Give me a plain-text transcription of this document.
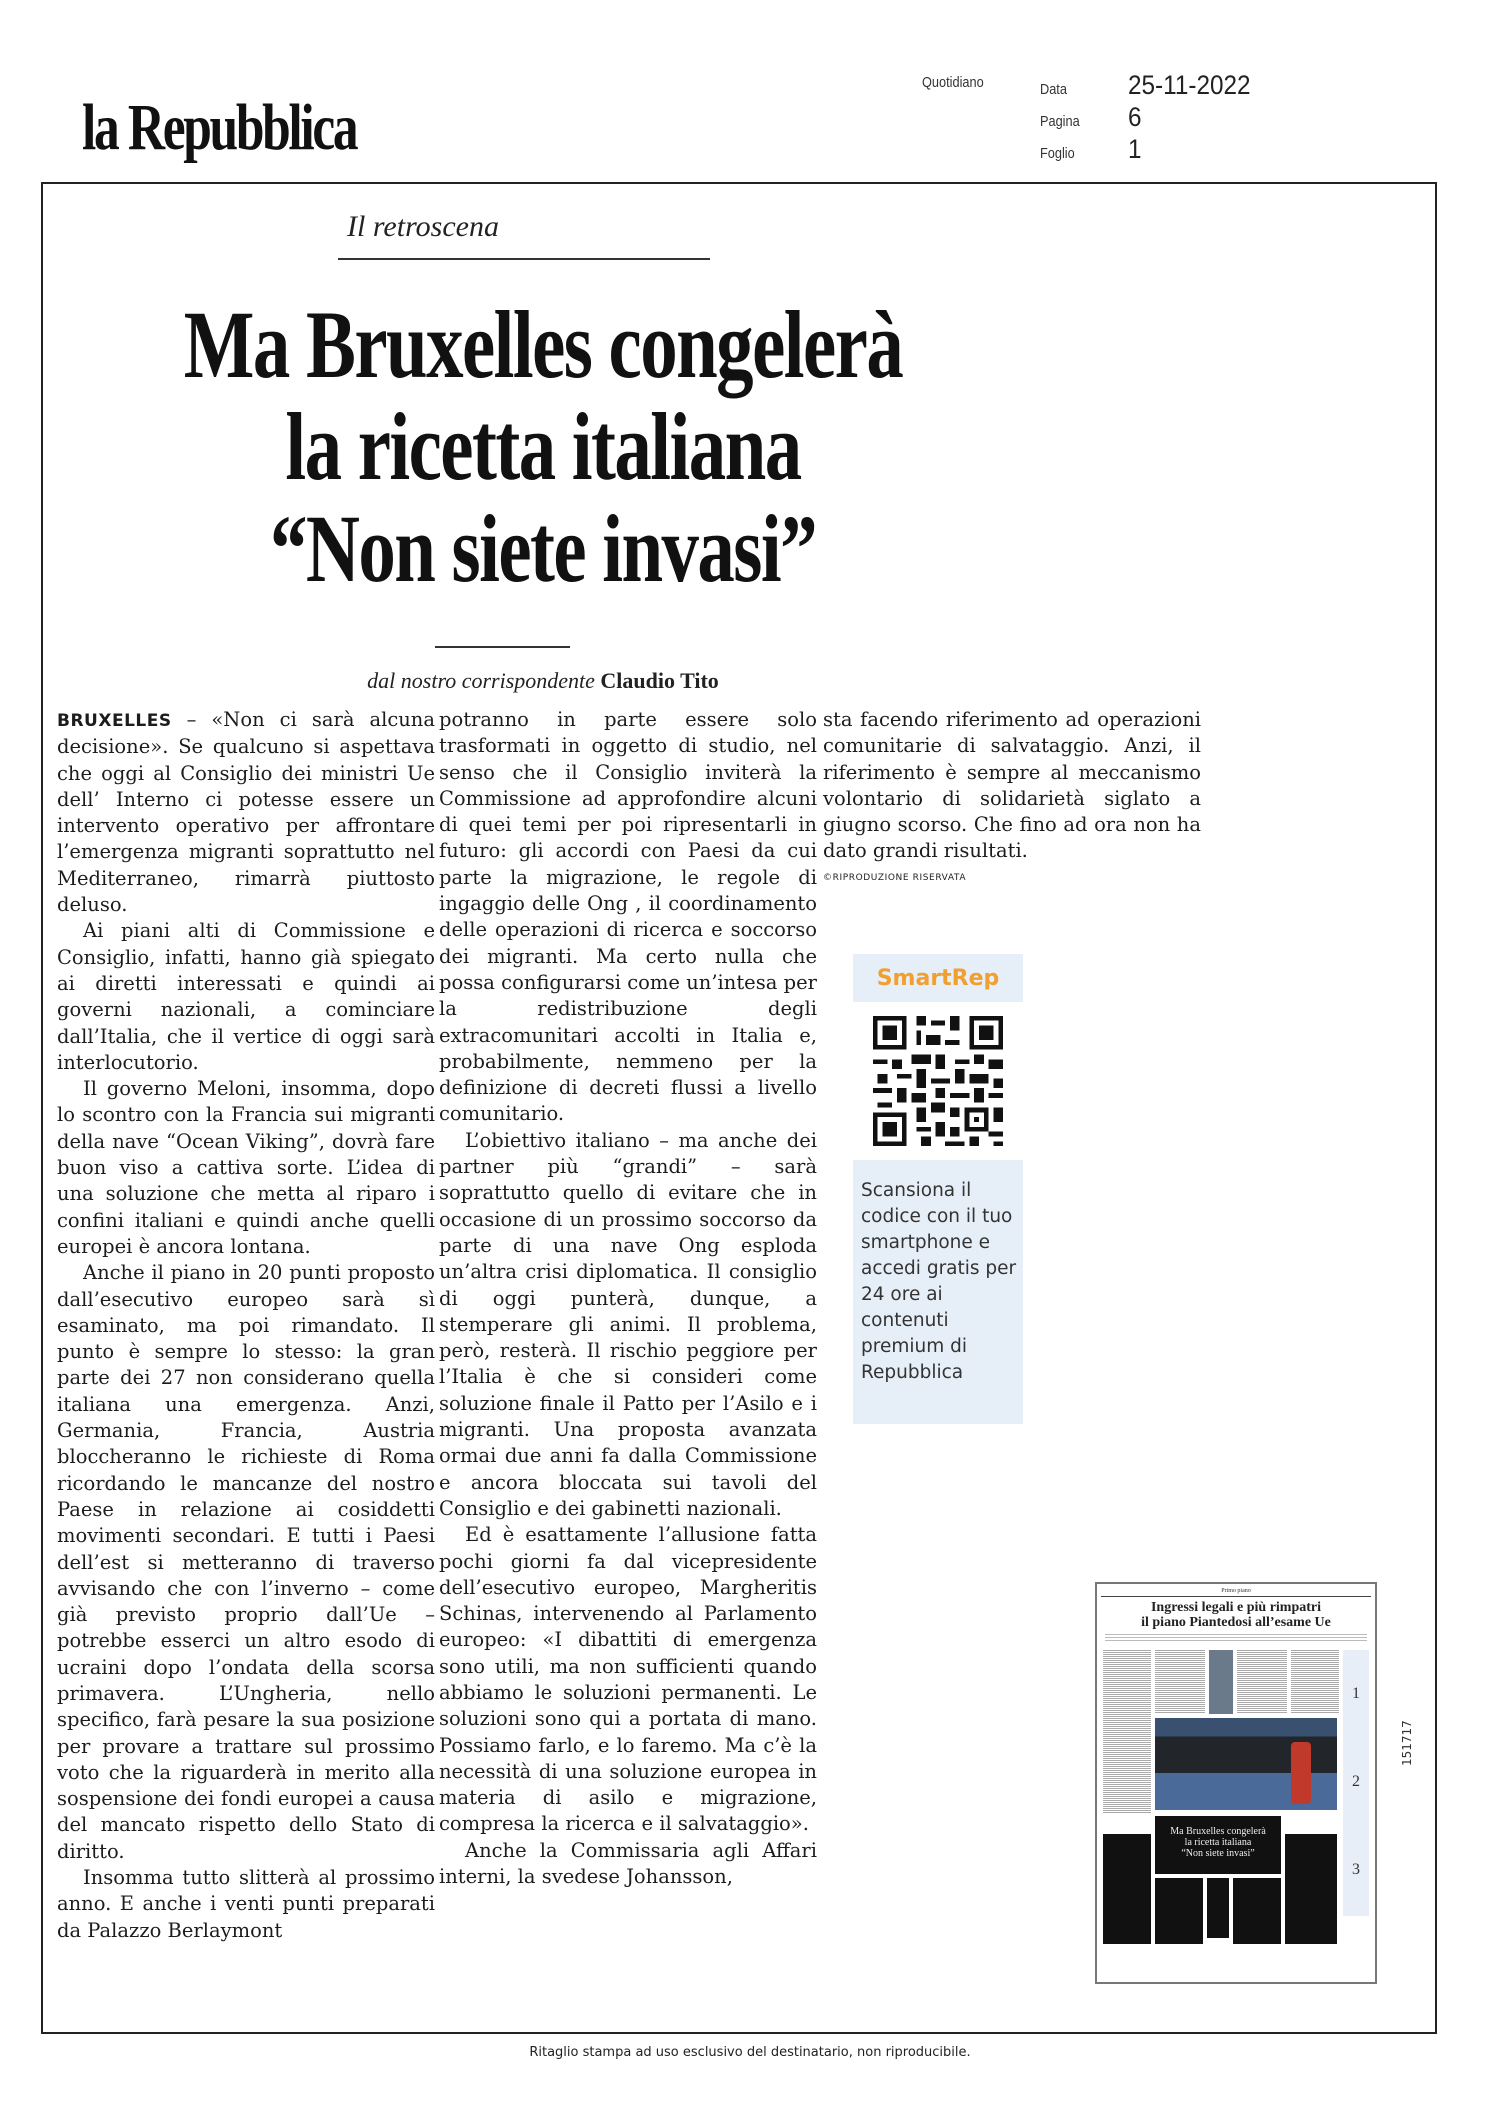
la Repubblica
Quotidiano	Data	25-11-2022
Pagina	6
Foglio	1
Il retroscena
Ma Bruxelles congelerà
la ricetta italiana
“Non siete invasi”
dal nostro corrispondente Claudio Tito

BRUXELLES – «Non ci sarà alcuna decisione». Se qualcuno si aspettava che oggi al Consiglio dei ministri Ue dell’ Interno ci potesse essere un intervento operativo per affrontare l’emergenza migranti soprattutto nel Mediterraneo, rimarrà piuttosto deluso.

Ai piani alti di Commissione e Consiglio, infatti, hanno già spiegato ai diretti interessati e quindi ai governi nazionali, a cominciare dall’Italia, che il vertice di oggi sarà interlocutorio.

Il governo Meloni, insomma, dopo lo scontro con la Francia sui migranti della nave “Ocean Viking”, dovrà fare buon viso a cattiva sorte. L’idea di una soluzione che metta al riparo i confini italiani e quindi anche quelli europei è ancora lontana.

Anche il piano in 20 punti proposto dall’esecutivo europeo sarà sì esaminato, ma poi rimandato. Il punto è sempre lo stesso: la gran parte dei 27 non considerano quella italiana una emergenza. Anzi, Germania, Francia, Austria bloccheranno le richieste di Roma ricordando le mancanze del nostro Paese in relazione ai cosiddetti movimenti secondari. E tutti i Paesi dell’est si metteranno di traverso avvisando che con l’inverno – come già previsto proprio dall’Ue – potrebbe esserci un altro esodo di ucraini dopo l’ondata della scorsa primavera. L’Ungheria, nello specifico, farà pesare la sua posizione per provare a trattare sul prossimo voto che la riguarderà in merito alla sospensione dei fondi europei a causa del mancato rispetto dello Stato di diritto.

Insomma tutto slitterà al prossimo anno. E anche i venti punti preparati da Palazzo Berlaymont

potranno in parte essere solo trasformati in oggetto di studio, nel senso che il Consiglio inviterà la Commissione ad approfondire alcuni di quei temi per poi ripresentarli in futuro: gli accordi con Paesi da cui parte la migrazione, le regole di ingaggio delle Ong , il coordinamento delle operazioni di ricerca e soccorso dei migranti. Ma certo nulla che possa configurarsi come un’intesa per la redistribuzione degli extracomunitari accolti in Italia e, probabilmente, nemmeno per la definizione di decreti flussi a livello comunitario.

L’obiettivo italiano – ma anche dei partner più “grandi” – sarà soprattutto quello di evitare che in occasione di un prossimo soccorso da parte di una nave Ong esploda un’altra crisi diplomatica. Il consiglio di oggi punterà, dunque, a stemperare gli animi. Il problema, però, resterà. Il rischio peggiore per l’Italia è che si consideri come soluzione finale il Patto per l’Asilo e i migranti. Una proposta avanzata ormai due anni fa dalla Commissione e ancora bloccata sui tavoli del Consiglio e dei gabinetti nazionali.

Ed è esattamente l’allusione fatta pochi giorni fa dal vicepresidente dell’esecutivo europeo, Margheritis Schinas, intervenendo al Parlamento europeo: «I dibattiti di emergenza sono utili, ma non sufficienti quando abbiamo le soluzioni permanenti. Le soluzioni sono qui a portata di mano. Possiamo farlo, e lo faremo. Ma c’è la necessità di una soluzione europea in materia di asilo e migrazione, compresa la ricerca e il salvataggio».

Anche la Commissaria agli Affari interni, la svedese Johansson,

sta facendo riferimento ad operazioni comunitarie di salvataggio. Anzi, il riferimento è sempre al meccanismo volontario di solidarietà siglato a giugno scorso. Che fino ad ora non ha dato grandi risultati.

©RIPRODUZIONE RISERVATA

SmartRep
Scansiona il codice con il tuo smartphone e accedi gratis per 24 ore ai contenuti premium di Repubblica
Primo piano
Ingressi legali e più rimpatri
il piano Piantedosi all’esame Ue
1
2
3
Ma Bruxelles congelerà
la ricetta italiana
“Non siete invasi”
151717
Ritaglio stampa ad uso esclusivo del destinatario, non riproducibile.
